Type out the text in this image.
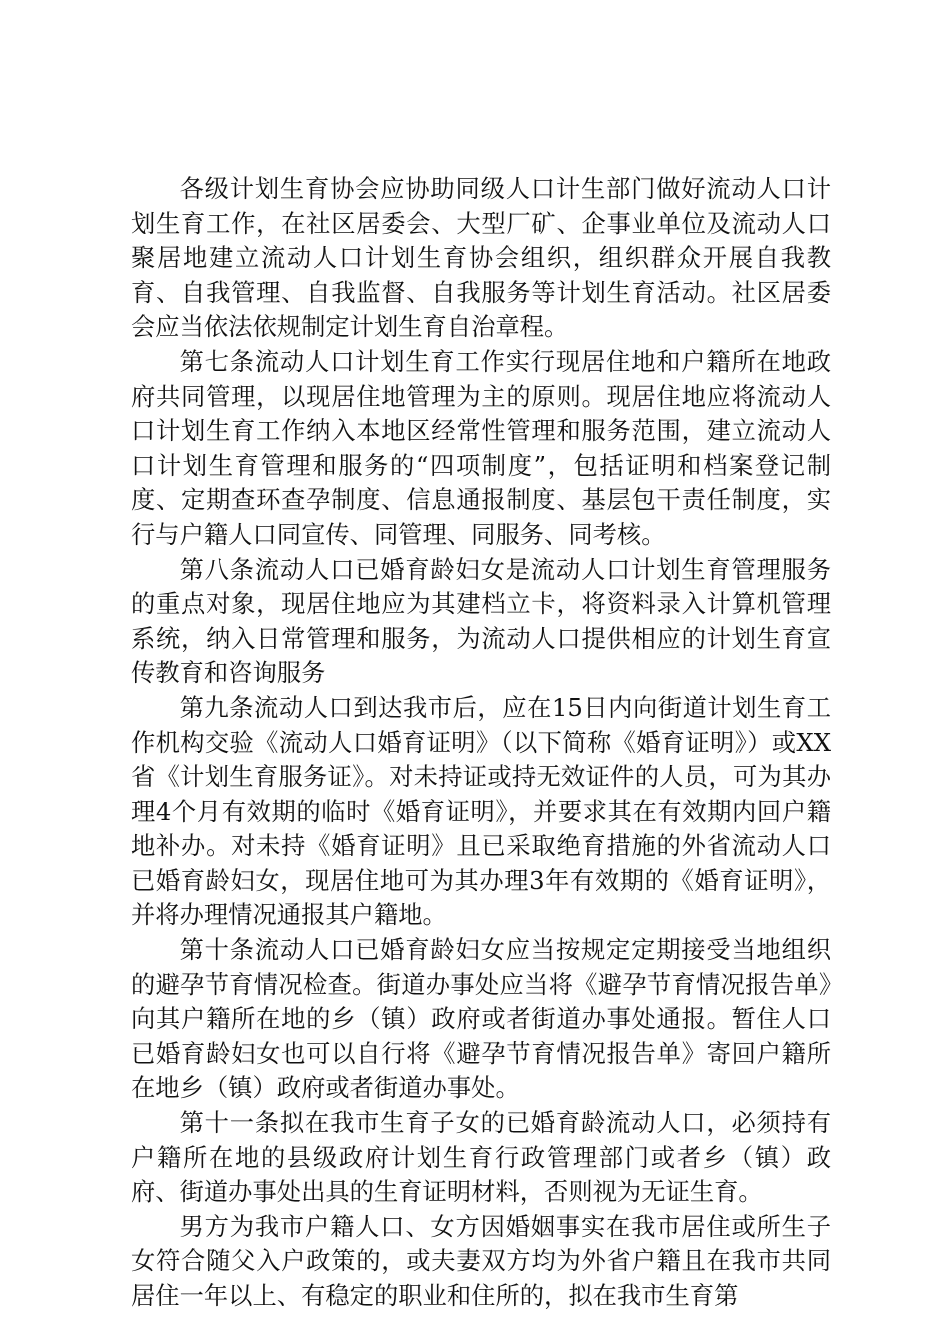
各级计划生育协会应协助同级人口计生部门做好流动人口计划生育工作，在社区居委会、大型厂矿、企事业单位及流动人口聚居地建立流动人口计划生育协会组织，组织群众开展自我教育、自我管理、自我监督、自我服务等计划生育活动。社区居委会应当依法依规制定计划生育自治章程。

第七条流动人口计划生育工作实行现居住地和户籍所在地政府共同管理，以现居住地管理为主的原则。现居住地应将流动人口计划生育工作纳入本地区经常性管理和服务范围，建立流动人口计划生育管理和服务的“四项制度”，包括证明和档案登记制度、定期查环查孕制度、信息通报制度、基层包干责任制度，实行与户籍人口同宣传、同管理、同服务、同考核。

第八条流动人口已婚育龄妇女是流动人口计划生育管理服务的重点对象，现居住地应为其建档立卡，将资料录入计算机管理系统，纳入日常管理和服务，为流动人口提供相应的计划生育宣传教育和咨询服务

第九条流动人口到达我市后，应在15日内向街道计划生育工作机构交验《流动人口婚育证明》（以下简称《婚育证明》）或XX省《计划生育服务证》。对未持证或持无效证件的人员，可为其办理4个月有效期的临时《婚育证明》，并要求其在有效期内回户籍地补办。对未持《婚育证明》且已采取绝育措施的外省流动人口已婚育龄妇女，现居住地可为其办理3年有效期的《婚育证明》，并将办理情况通报其户籍地。

第十条流动人口已婚育龄妇女应当按规定定期接受当地组织的避孕节育情况检查。街道办事处应当将《避孕节育情况报告单》向其户籍所在地的乡（镇）政府或者街道办事处通报。暂住人口已婚育龄妇女也可以自行将《避孕节育情况报告单》寄回户籍所在地乡（镇）政府或者街道办事处。

第十一条拟在我市生育子女的已婚育龄流动人口，必须持有户籍所在地的县级政府计划生育行政管理部门或者乡（镇）政府、街道办事处出具的生育证明材料，否则视为无证生育。

男方为我市户籍人口、女方因婚姻事实在我市居住或所生子女符合随父入户政策的，或夫妻双方均为外省户籍且在我市共同居住一年以上、有稳定的职业和住所的，拟在我市生育第
